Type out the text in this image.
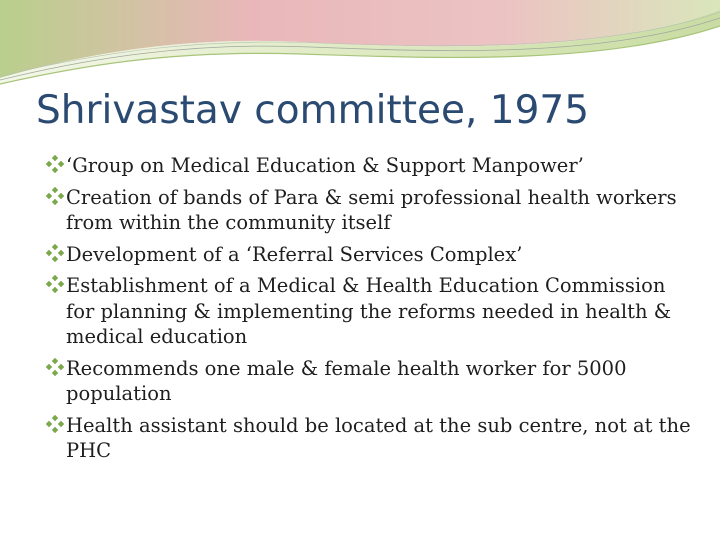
Shrivastav committee, 1975
‘Group on Medical Education & Support Manpower’
Creation of bands of Para & semi professional health workers from within the community itself
Development of a ‘Referral Services Complex’
Establishment of a Medical & Health Education Commission for planning & implementing the reforms needed in health & medical education
Recommends one male & female health worker for 5000 population
Health assistant should be located at the sub centre, not at the PHC
